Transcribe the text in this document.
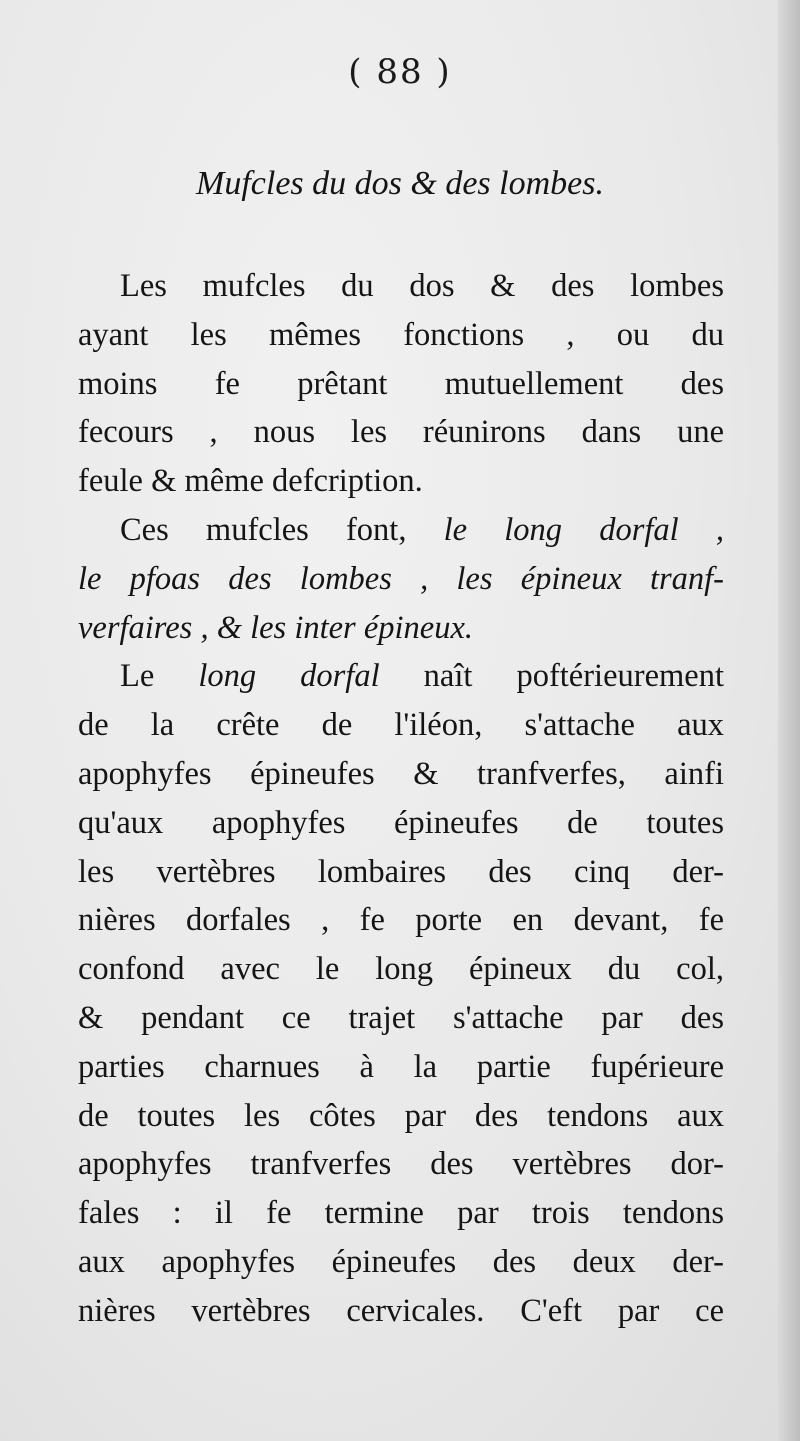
( 88 )
Mufcles du dos & des lombes.
Les mufcles du dos & des lombes
ayant les mêmes fonctions , ou du
moins fe prêtant mutuellement des
fecours , nous les réunirons dans une
feule & même defcription.
Ces mufcles font, le long dorfal ,
le pfoas des lombes , les épineux tranf-
verfaires , & les inter épineux.
Le long dorfal naît poftérieurement
de la crête de l'iléon, s'attache aux
apophyfes épineufes & tranfverfes, ainfi
qu'aux apophyfes épineufes de toutes
les vertèbres lombaires des cinq der-
nières dorfales , fe porte en devant, fe
confond avec le long épineux du col,
& pendant ce trajet s'attache par des
parties charnues à la partie fupérieure
de toutes les côtes par des tendons aux
apophyfes tranfverfes des vertèbres dor-
fales : il fe termine par trois tendons
aux apophyfes épineufes des deux der-
nières vertèbres cervicales. C'eft par ce
